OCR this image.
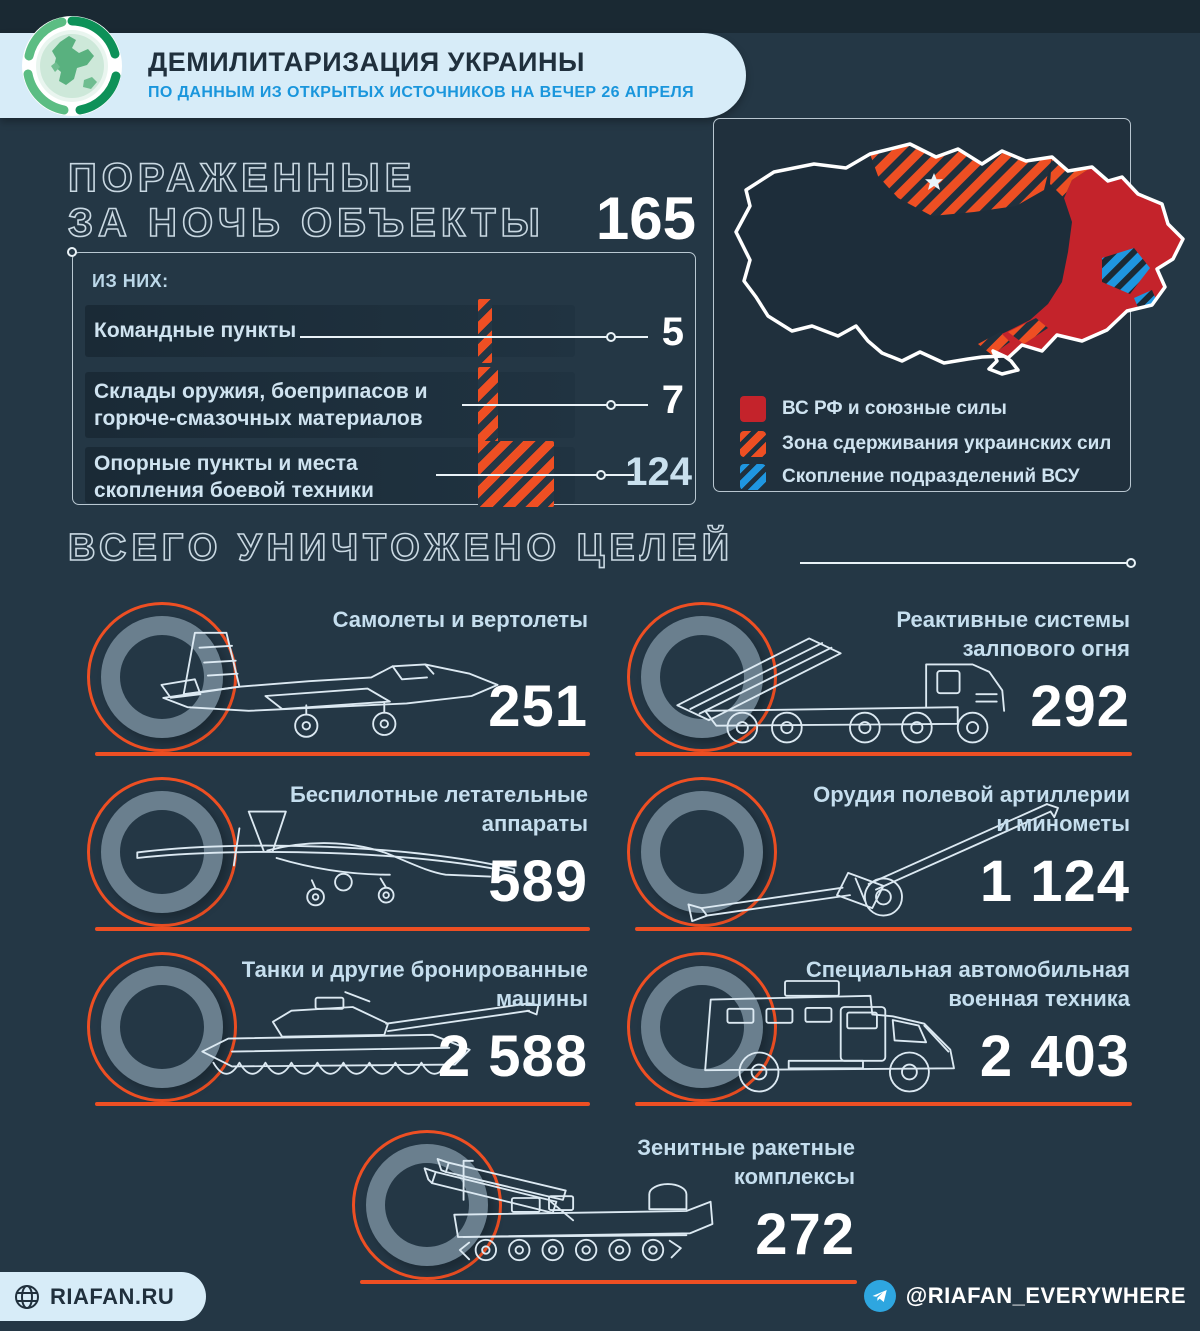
ДЕМИЛИТАРИЗАЦИЯ УКРАИНЫ
ПО ДАННЫМ ИЗ ОТКРЫТЫХ ИСТОЧНИКОВ НА ВЕЧЕР 26 АПРЕЛЯ
ПОРАЖЕННЫЕ
ЗА НОЧЬ ОБЪЕКТЫ 165
ИЗ НИХ:
Командные пункты	5
Склады оружия, боеприпасов и горюче-смазочных материалов	7
Опорные пункты и места скопления боевой техники	124
ВС РФ и союзные силы
Зона сдерживания украинских сил
Скопление подразделений ВСУ
ВСЕГО УНИЧТОЖЕНО ЦЕЛЕЙ
Самолеты и вертолеты
251
Реактивные системы залпового огня
292
Беспилотные летательные аппараты
589
Орудия полевой артиллерии и минометы
1 124
Танки и другие бронированные машины
2 588
Специальная автомобильная военная техника
2 403
Зенитные ракетные комплексы
272
RIAFAN.RU	@RIAFAN_EVERYWHERE
